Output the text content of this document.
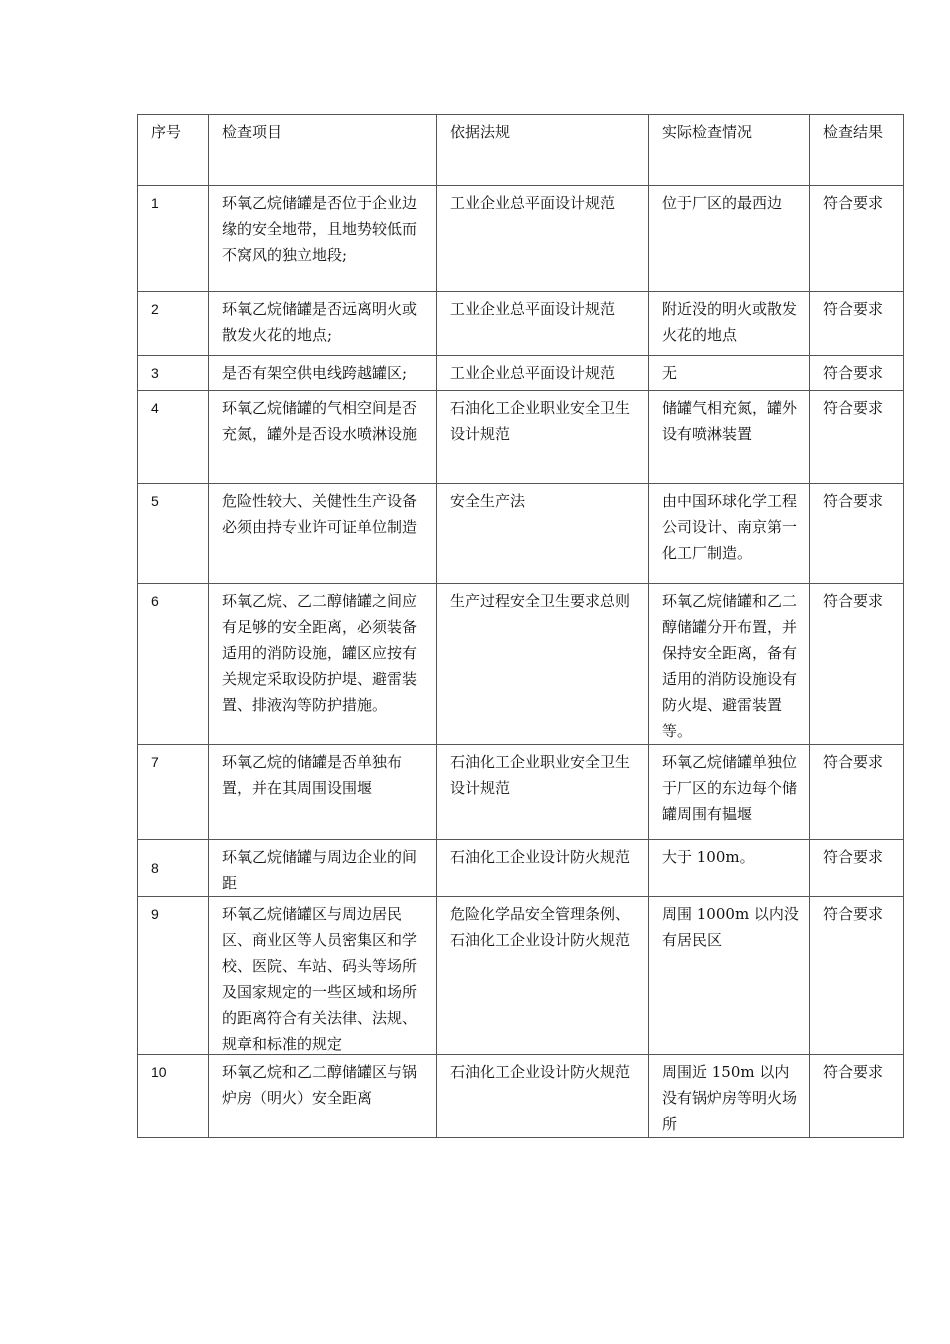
序号	检查项目	依据法规	实际检查情况	检查结果
1	环氧乙烷储罐是否位于企业边缘的安全地带，且地势较低而不窝风的独立地段;	工业企业总平面设计规范	位于厂区的最西边	符合要求
2	环氧乙烷储罐是否远离明火或散发火花的地点;	工业企业总平面设计规范	附近没的明火或散发火花的地点	符合要求
3	是否有架空供电线跨越罐区;	工业企业总平面设计规范	无	符合要求
4	环氧乙烷储罐的气相空间是否充氮，罐外是否设水喷淋设施	石油化工企业职业安全卫生设计规范	储罐气相充氮，罐外设有喷淋装置	符合要求
5	危险性较大、关健性生产设备必须由持专业许可证单位制造	安全生产法	由中国环球化学工程公司设计、南京第一化工厂制造。	符合要求
6	环氧乙烷、乙二醇储罐之间应有足够的安全距离，必须装备适用的消防设施，罐区应按有关规定采取设防护堤、避雷装置、排液沟等防护措施。	生产过程安全卫生要求总则	环氧乙烷储罐和乙二醇储罐分开布置，并保持安全距离，备有适用的消防设施设有防火堤、避雷装置等。	符合要求
7	环氧乙烷的储罐是否单独布置，并在其周围设围堰	石油化工企业职业安全卫生设计规范	环氧乙烷储罐单独位于厂区的东边每个储罐周围有韫堰	符合要求
8	环氧乙烷储罐与周边企业的间距	石油化工企业设计防火规范	大于 100m。	符合要求
9	环氧乙烷储罐区与周边居民区、商业区等人员密集区和学校、医院、车站、码头等场所及国家规定的一些区域和场所的距离符合有关法律、法规、规章和标准的规定	危险化学品安全管理条例、石油化工企业设计防火规范	周围 1000m 以内没有居民区	符合要求
10	环氧乙烷和乙二醇储罐区与锅炉房（明火）安全距离	石油化工企业设计防火规范	周围近 150m 以内没有锅炉房等明火场所	符合要求
